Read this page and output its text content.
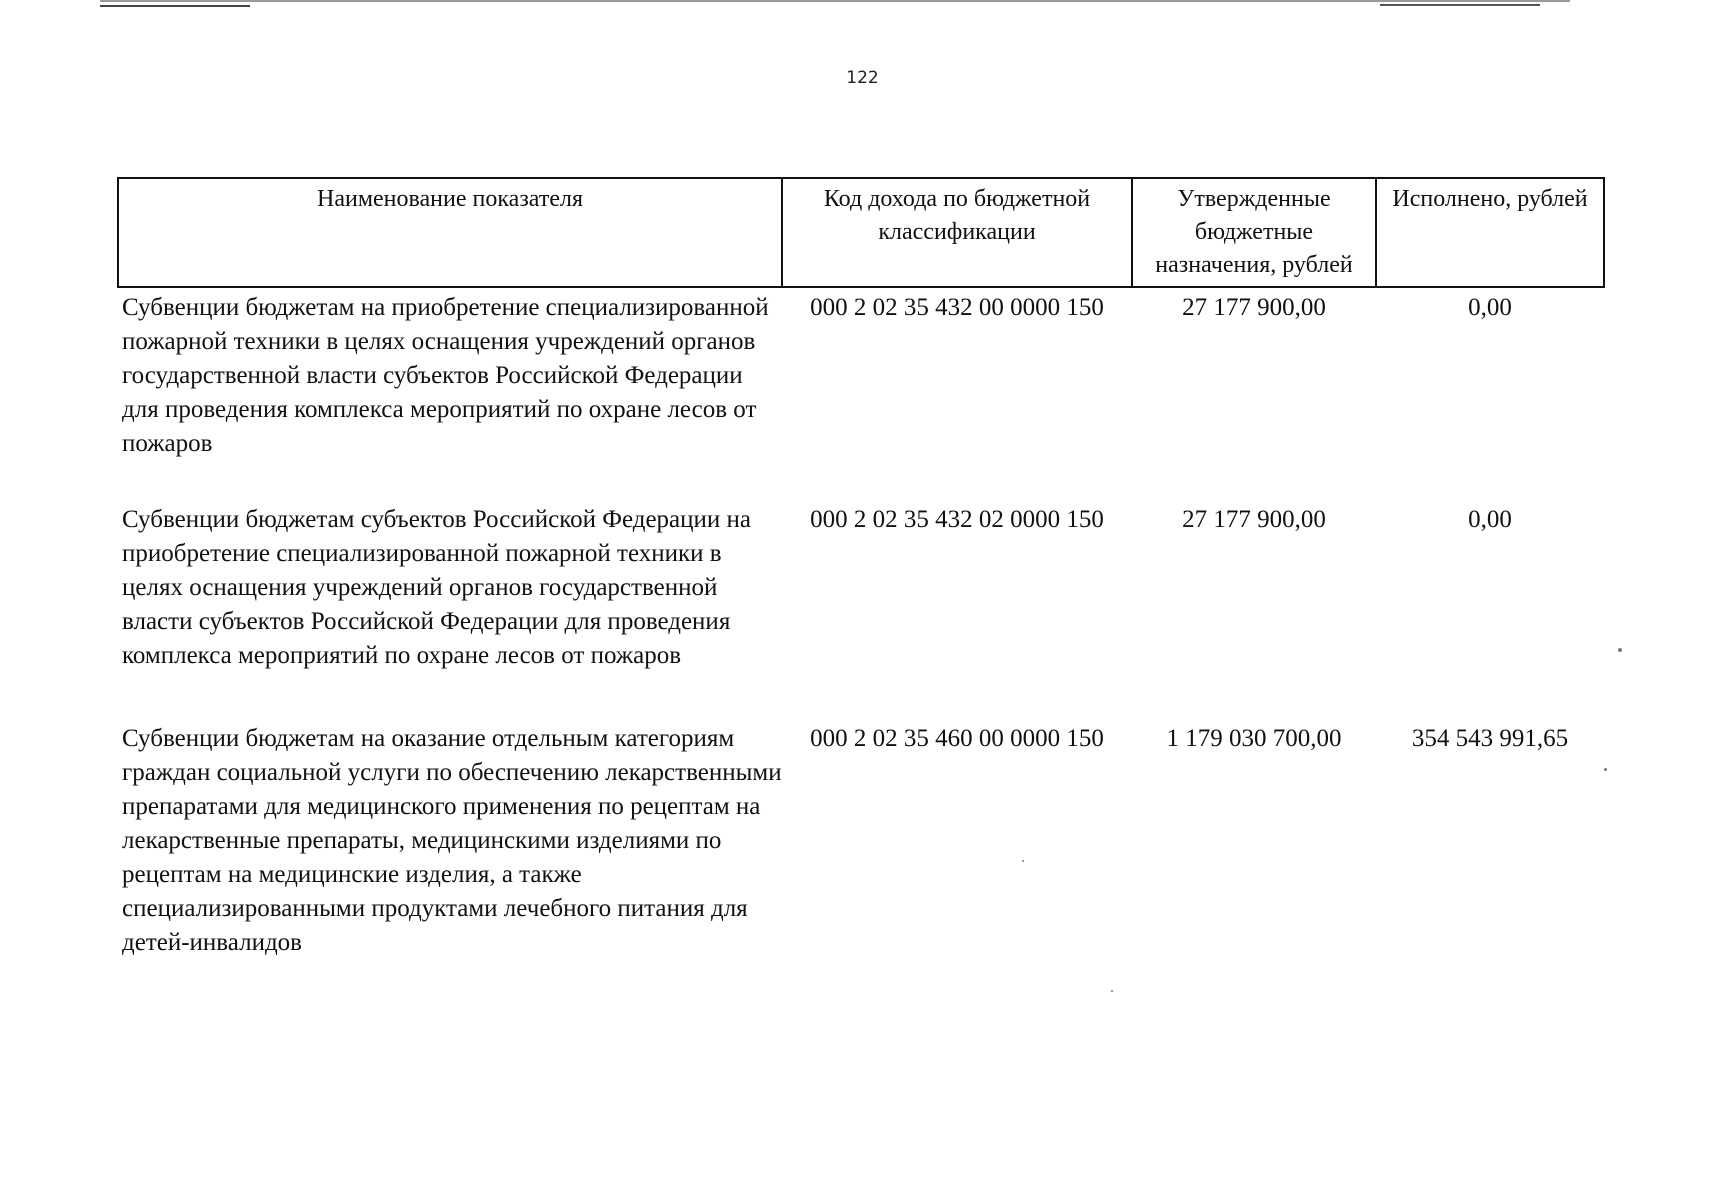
122
Наименование показателя	Код дохода по бюджетной классификации	Утвержденные бюджетные назначения, рублей	Исполнено, рублей
Субвенции бюджетам на приобретение специализированной пожарной техники в целях оснащения учреждений органов государственной власти субъектов Российской Федерации для проведения комплекса мероприятий по охране лесов от пожаров	000 2 02 35 432 00 0000 150	27 177 900,00	0,00
Субвенции бюджетам субъектов Российской Федерации на приобретение специализированной пожарной техники в целях оснащения учреждений органов государственной власти субъектов Российской Федерации для проведения комплекса мероприятий по охране лесов от пожаров	000 2 02 35 432 02 0000 150	27 177 900,00	0,00
Субвенции бюджетам на оказание отдельным категориям граждан социальной услуги по обеспечению лекарственными препаратами для медицинского применения по рецептам на лекарственные препараты, медицинскими изделиями по рецептам на медицинские изделия, а также специализированными продуктами лечебного питания для детей-инвалидов	000 2 02 35 460 00 0000 150	1 179 030 700,00	354 543 991,65
